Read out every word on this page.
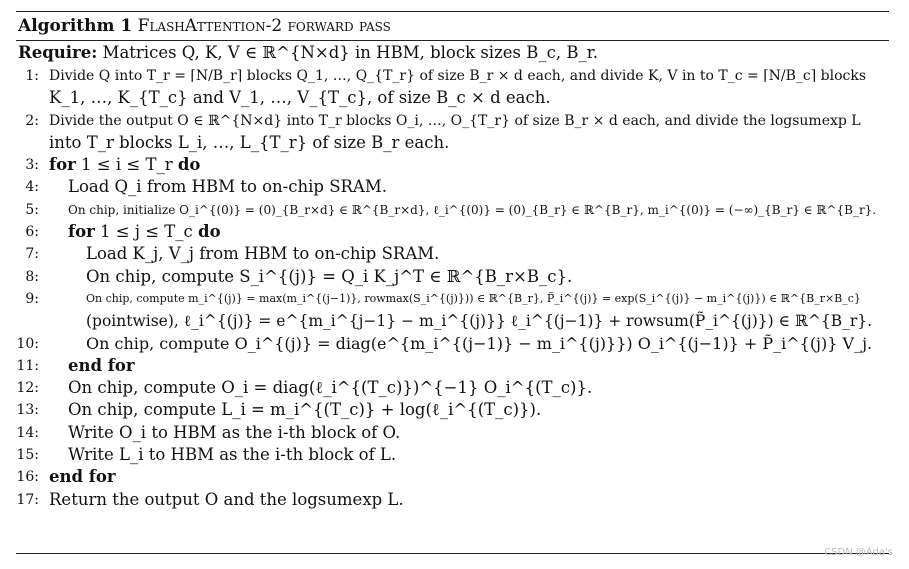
Algorithm 1 FlashAttention-2 forward pass
Require: Matrices Q, K, V ∈ ℝ^{N×d} in HBM, block sizes B_c, B_r.
1: Divide Q into T_r = ⌈N/B_r⌉ blocks Q_1, …, Q_{T_r} of size B_r × d each, and divide K, V in to T_c = ⌈N/B_c⌉ blocks
K_1, …, K_{T_c} and V_1, …, V_{T_c}, of size B_c × d each.
2: Divide the output O ∈ ℝ^{N×d} into T_r blocks O_i, …, O_{T_r} of size B_r × d each, and divide the logsumexp L
into T_r blocks L_i, …, L_{T_r} of size B_r each.
3: for 1 ≤ i ≤ T_r do
4: Load Q_i from HBM to on-chip SRAM.
5: On chip, initialize O_i^{(0)} = (0)_{B_r×d} ∈ ℝ^{B_r×d}, ℓ_i^{(0)} = (0)_{B_r} ∈ ℝ^{B_r}, m_i^{(0)} = (−∞)_{B_r} ∈ ℝ^{B_r}.
6: for 1 ≤ j ≤ T_c do
7:	Load K_j, V_j from HBM to on-chip SRAM.
8:	On chip, compute S_i^{(j)} = Q_i K_j^T ∈ ℝ^{B_r×B_c}.
9:	On chip, compute m_i^{(j)} = max(m_i^{(j−1)}, rowmax(S_i^{(j)})) ∈ ℝ^{B_r}, P̃_i^{(j)} = exp(S_i^{(j)} − m_i^{(j)}) ∈ ℝ^{B_r×B_c}
(pointwise), ℓ_i^{(j)} = e^{m_i^{j−1} − m_i^{(j)}} ℓ_i^{(j−1)} + rowsum(P̃_i^{(j)}) ∈ ℝ^{B_r}.
10:	On chip, compute O_i^{(j)} = diag(e^{m_i^{(j−1)} − m_i^{(j)}}) O_i^{(j−1)} + P̃_i^{(j)} V_j.
11: end for
12: On chip, compute O_i = diag(ℓ_i^{(T_c)})^{−1} O_i^{(T_c)}.
13: On chip, compute L_i = m_i^{(T_c)} + log(ℓ_i^{(T_c)}).
14: Write O_i to HBM as the i-th block of O.
15: Write L_i to HBM as the i-th block of L.
16: end for
17: Return the output O and the logsumexp L.
CSDN @Ada's
